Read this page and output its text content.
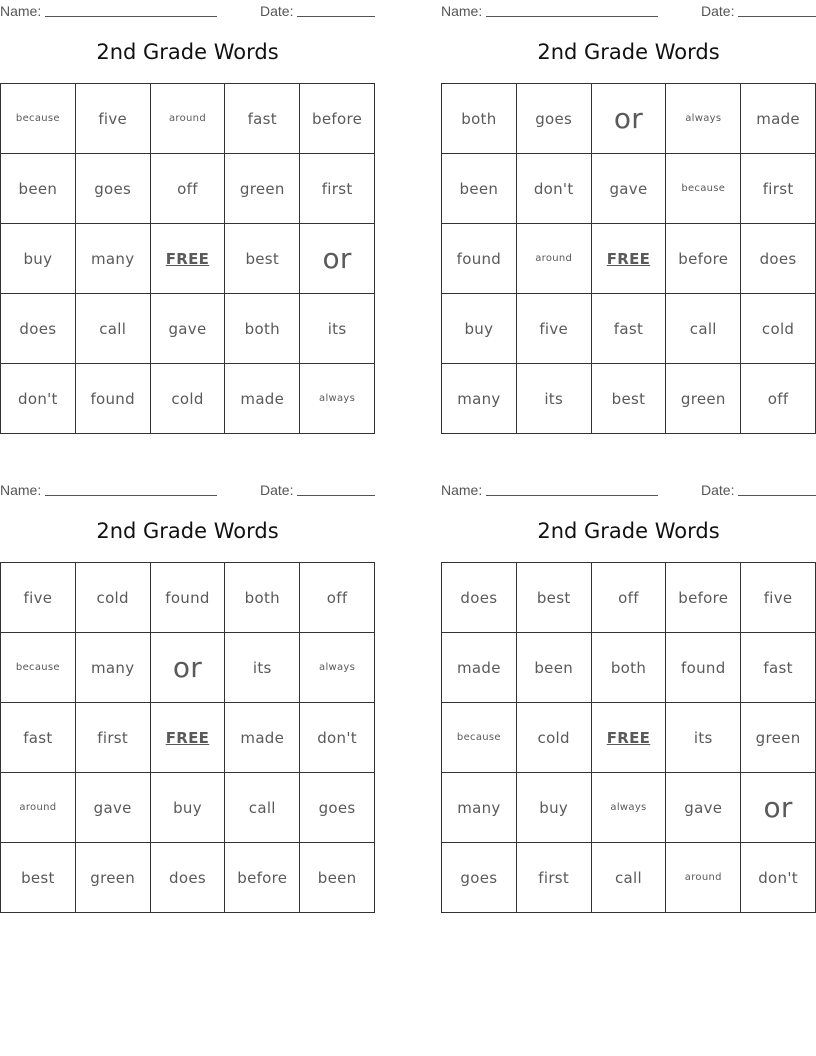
Name:	Date:
2nd Grade Words
because	five	around	fast	before
been	goes	off	green	first
buy	many	FREE	best	or
does	call	gave	both	its
don't	found	cold	made	always
Name:	Date:
2nd Grade Words
both	goes	or	always	made
been	don't	gave	because	first
found	around	FREE	before	does
buy	five	fast	call	cold
many	its	best	green	off
Name:	Date:
2nd Grade Words
five	cold	found	both	off
because	many	or	its	always
fast	first	FREE	made	don't
around	gave	buy	call	goes
best	green	does	before	been
Name:	Date:
2nd Grade Words
does	best	off	before	five
made	been	both	found	fast
because	cold	FREE	its	green
many	buy	always	gave	or
goes	first	call	around	don't
